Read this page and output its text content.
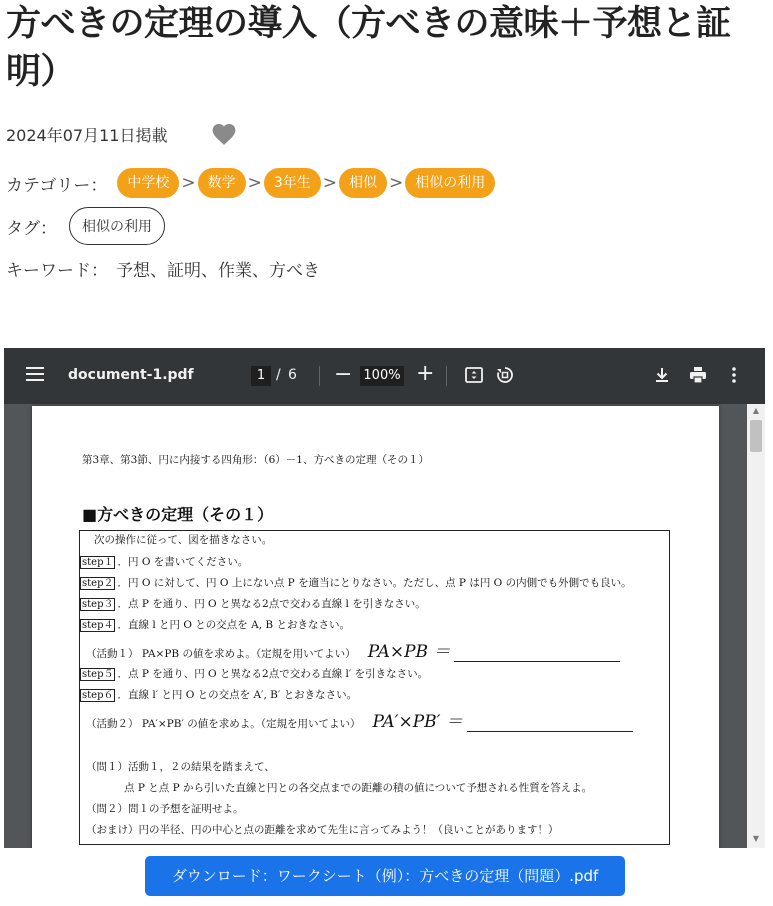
方べきの定理の導入（方べきの意味＋予想と証明）
2024年07月11日掲載
カテゴリー：	中学校 > 数学 > 3年生 > 相似 > 相似の利用
タグ：	相似の利用
キーワード： 予想、証明、作業、方べき
document-1.pdf	1 / 6 − 100% +
第3章、第3節、円に内接する四角形：（6）－1、方べきの定理（その１）
■方べきの定理（その１）
次の操作に従って、図を描きなさい。
step１ ．円 O を書いてください。
step２ ．円 O に対して、円 O 上にない点 P を適当にとりなさい。ただし、点 P は円 O の内側でも外側でも良い。
step３ ．点 P を通り、円 O と異なる2点で交わる直線 l を引きなさい。
step４ ．直線 l と円 O との交点を A, B とおきなさい。
（活動１） PA×PB の値を求めよ。（定規を用いてよい） PA×PB ＝
step５ ．点 P を通り、円 O と異なる2点で交わる直線 l′ を引きなさい。
step６ ．直線 l′ と円 O との交点を A′, B′ とおきなさい。
（活動２） PA′×PB′ の値を求めよ。（定規を用いてよい） PA′×PB′ ＝
（問１）活動１，２の結果を踏まえて、
点 P と点 P から引いた直線と円との各交点までの距離の積の値について予想される性質を答えよ。
（問２）問１の予想を証明せよ。
（おまけ）円の半径、円の中心と点の距離を求めて先生に言ってみよう！（良いことがあります！）
▲
▼
ダウンロード：ワークシート（例）：方べきの定理（問題）.pdf
